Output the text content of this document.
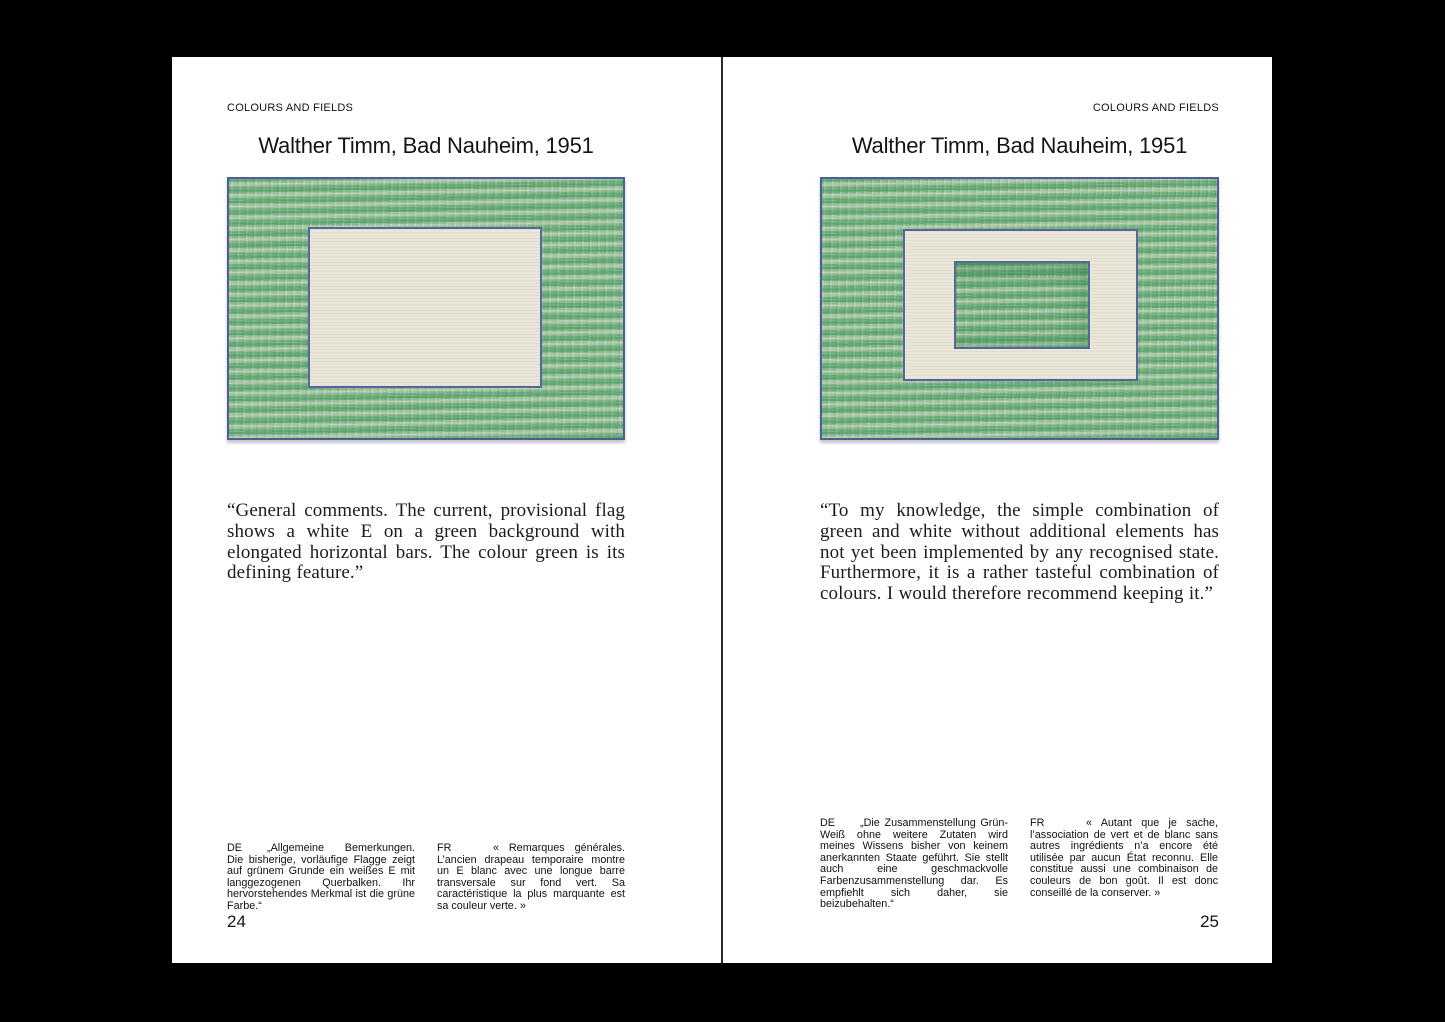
COLOURS AND FIELDS
Walther Timm, Bad Nauheim, 1951
“General comments. The current, provisional flag shows a white E on a green background with elongated horizontal bars. The colour green is its defining feature.”
DE „Allgemeine Bemerkungen. Die bisherige, vorläufige Flagge zeigt auf grünem Grunde ein weißes E mit langgezogenen Querbalken. Ihr hervorstehendes Merkmal ist die grüne Farbe.“
FR	« Remarques générales. L’ancien drapeau temporaire montre un E blanc avec une longue barre transversale sur fond vert. Sa caractéristique la plus marquante est sa couleur verte. »
24
COLOURS AND FIELDS
Walther Timm, Bad Nauheim, 1951
“To my knowledge, the simple combination of green and white without additional elements has not yet been implemented by any recognised state. Furthermore, it is a rather tasteful combination of colours. I would therefore recommend keeping it.”
DE „Die Zusammenstellung Grün-Weiß ohne weitere Zutaten wird meines Wissens bisher von keinem anerkannten Staate geführt. Sie stellt auch eine geschmackvolle Farbenzusammenstellung dar. Es empfiehlt sich daher, sie beizubehalten.“
FR	« Autant que je sache, l’association de vert et de blanc sans autres ingrédients n’a encore été utilisée par aucun État reconnu. Elle constitue aussi une combinaison de couleurs de bon goût. Il est donc conseillé de la conserver. »
25
